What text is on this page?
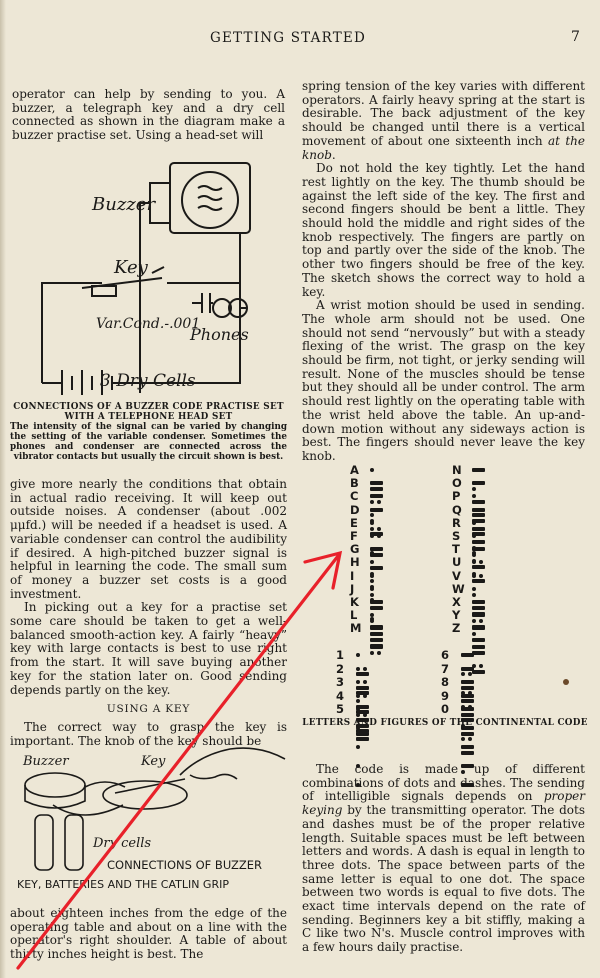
GETTING STARTED	7

operator can help by sending to you. A buzzer, a telegraph key and a dry cell connected as shown in the diagram make a buzzer practise set. Using a head-set will

Buzzer
Key
Var.Cond.-.001
Phones
3 Dry Cells
CONNECTIONS OF A BUZZER CODE PRACTISE SET WITH A TELEPHONE HEAD SET
The intensity of the signal can be varied by changing the setting of the variable condenser. Sometimes the phones and condenser are connected across the vibrator contacts but usually the circuit shown is best.

give more nearly the conditions that obtain in actual radio receiving. It will keep out outside noises. A condenser (about .002 μμfd.) will be needed if a headset is used. A variable condenser can control the audibility if desired. A high-pitched buzzer signal is helpful in learning the code. The small sum of money a buzzer set costs is a good investment.

In picking out a key for a practise set some care should be taken to get a well-balanced smooth-action key. A fairly “heavy” key with large contacts is best to use right from the start. It will save buying another key for the station later on. Good sending depends partly on the key.

USING A KEY

The correct way to grasp the key is important. The knob of the key should be

Buzzer	Key
Dry cells
CONNECTIONS OF BUZZER
KEY, BATTERIES AND THE CATLIN GRIP

about eighteen inches from the edge of the operating table and about on a line with the operator's right shoulder. A table of about thirty inches height is best. The

spring tension of the key varies with different operators. A fairly heavy spring at the start is desirable. The back adjustment of the key should be changed until there is a vertical movement of about one sixteenth inch at the knob.

Do not hold the key tightly. Let the hand rest lightly on the key. The thumb should be against the left side of the key. The first and second fingers should be bent a little. They should hold the middle and right sides of the knob respectively. The fingers are partly on top and partly over the side of the knob. The other two fingers should be free of the key. The sketch shows the correct way to hold a key.

A wrist motion should be used in sending. The whole arm should not be used. One should not send “nervously” but with a steady flexing of the wrist. The grasp on the key should be firm, not tight, or jerky sending will result. None of the muscles should be tense but they should all be under control. The arm should rest lightly on the operating table with the wrist held above the table. An up-and-down motion without any sideways action is best. The fingers should never leave the key knob.

A
B
C
D
E
F
G
H
I
J
K
L
M
N
O
P
Q
R
S
T
U
V
W
X
Y
Z
1
2
3
4
5
6
7
8
9
0
LETTERS AND FIGURES OF THE CONTINENTAL CODE

The code is made up of different combinations of dots and dashes. The sending of intelligible signals depends on proper keying by the transmitting operator. The dots and dashes must be of the proper relative length. Suitable spaces must be left between letters and words. A dash is equal in length to three dots. The space between parts of the same letter is equal to one dot. The space between two words is equal to five dots. The exact time intervals depend on the rate of sending. Beginners key a bit stiffly, making a C like two N's. Muscle control improves with a few hours daily practise.
